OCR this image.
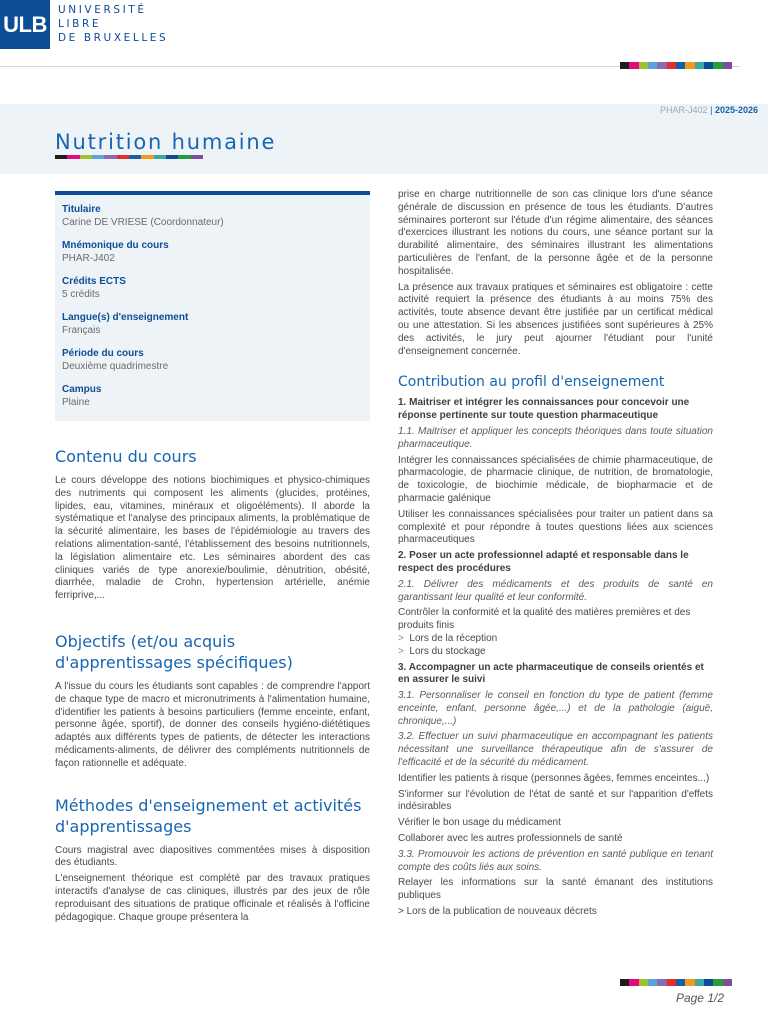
ULB
UNIVERSITÉ
LIBRE
DE BRUXELLES
PHAR-J402 | 2025-2026
Nutrition humaine
Titulaire
Carine DE VRIESE (Coordonnateur)
Mnémonique du cours
PHAR-J402
Crédits ECTS
5 crédits
Langue(s) d'enseignement
Français
Période du cours
Deuxième quadrimestre
Campus
Plaine
Contenu du cours

Le cours développe des notions biochimiques et physico-chimiques des nutriments qui composent les aliments (glucides, protéines, lipides, eau, vitamines, minéraux et oligoéléments). Il aborde la systématique et l'analyse des principaux aliments, la problématique de la sécurité alimentaire, les bases de l'épidémiologie au travers des relations alimentation-santé, l'établissement des besoins nutritionnels, la législation alimentaire etc. Les séminaires abordent des cas cliniques variés de type anorexie/boulimie, dénutrition, obésité, diarrhée, maladie de Crohn, hypertension artérielle, anémie ferriprive,...

Objectifs (et/ou acquis d'apprentissages spécifiques)

A l'issue du cours les étudiants sont capables : de comprendre l'apport de chaque type de macro et micronutriments à l'alimentation humaine, d'identifier les patients à besoins particuliers (femme enceinte, enfant, personne âgée, sportif), de donner des conseils hygiéno-diététiques adaptés aux différents types de patients, de détecter les interactions médicaments-aliments, de délivrer des compléments nutritionnels de façon rationnelle et adéquate.

Méthodes d'enseignement et activités d'apprentissages

Cours magistral avec diapositives commentées mises à disposition des étudiants.

L'enseignement théorique est complété par des travaux pratiques interactifs d'analyse de cas cliniques, illustrés par des jeux de rôle reproduisant des situations de pratique officinale et réalisés à l'officine pédagogique. Chaque groupe présentera la

prise en charge nutritionnelle de son cas clinique lors d'une séance générale de discussion en présence de tous les étudiants. D'autres séminaires porteront sur l'étude d'un régime alimentaire, des séances d'exercices illustrant les notions du cours, une séance portant sur la durabilité alimentaire, des séminaires illustrant les alimentations particulières de l'enfant, de la personne âgée et de la personne hospitalisée.

La présence aux travaux pratiques et séminaires est obligatoire : cette activité requiert la présence des étudiants à au moins 75% des activités, toute absence devant être justifiée par un certificat médical ou une attestation. Si les absences justifiées sont supérieures à 25% des activités, le jury peut ajourner l'étudiant pour l'unité d'enseignement concernée.

Contribution au profil d'enseignement

1. Maitriser et intégrer les connaissances pour concevoir une réponse pertinente sur toute question pharmaceutique

1.1. Maitriser et appliquer les concepts théoriques dans toute situation pharmaceutique.

Intégrer les connaissances spécialisées de chimie pharmaceutique, de pharmacologie, de pharmacie clinique, de nutrition, de bromatologie, de toxicologie, de biochimie médicale, de biopharmacie et de pharmacie galénique

Utiliser les connaissances spécialisées pour traiter un patient dans sa complexité et pour répondre à toutes questions liées aux sciences pharmaceutiques

2. Poser un acte professionnel adapté et responsable dans le respect des procédures

2.1. Délivrer des médicaments et des produits de santé en garantissant leur qualité et leur conformité.

Contrôler la conformité et la qualité des matières premières et des produits finis

> Lors de la réception

> Lors du stockage

3. Accompagner un acte pharmaceutique de conseils orientés et en assurer le suivi

3.1. Personnaliser le conseil en fonction du type de patient (femme enceinte, enfant, personne âgée,...) et de la pathologie (aiguë, chronique,...)

3.2. Effectuer un suivi pharmaceutique en accompagnant les patients nécessitant une surveillance thérapeutique afin de s'assurer de l'efficacité et de la sécurité du médicament.

Identifier les patients à risque (personnes âgées, femmes enceintes...)

S'informer sur l'évolution de l'état de santé et sur l'apparition d'effets indésirables

Vérifier le bon usage du médicament

Collaborer avec les autres professionnels de santé

3.3. Promouvoir les actions de prévention en santé publique en tenant compte des coûts liés aux soins.

Relayer les informations sur la santé émanant des institutions publiques

> Lors de la publication de nouveaux décrets

Page 1/2
